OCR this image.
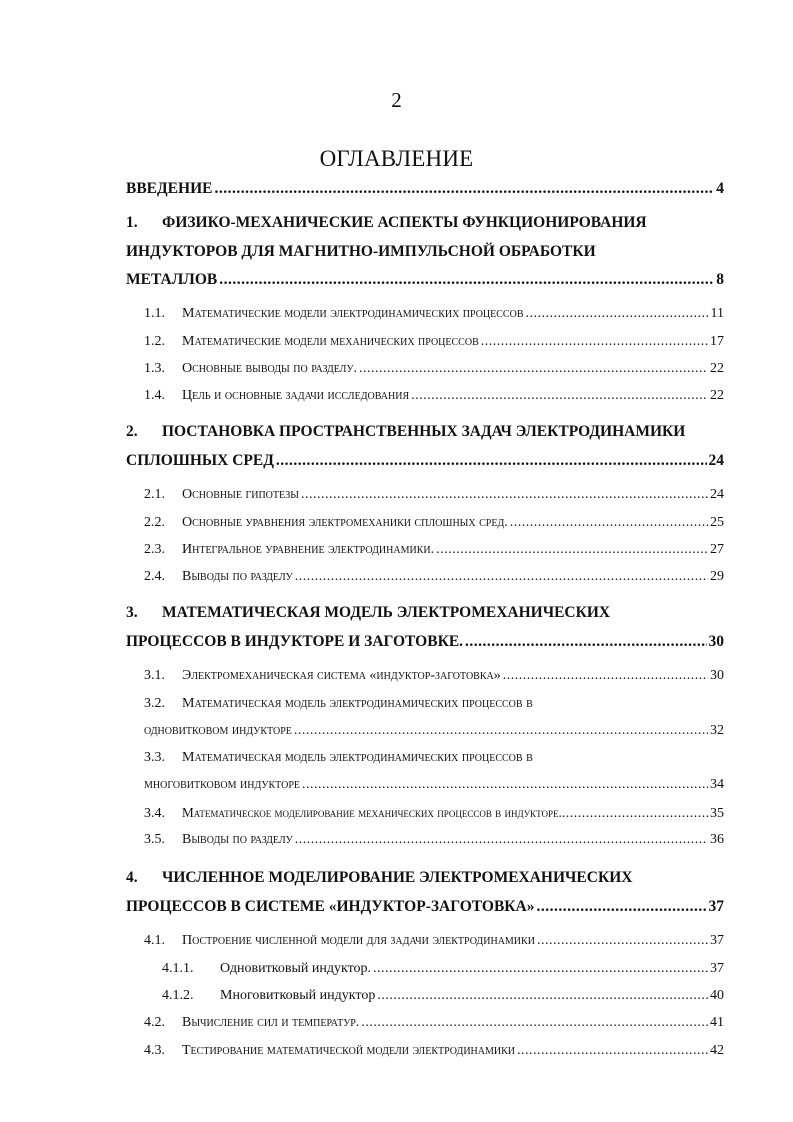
2
ОГЛАВЛЕНИЕ
ВВЕДЕНИЕ .....	4
1.	ФИЗИКО-МЕХАНИЧЕСКИЕ АСПЕКТЫ ФУНКЦИОНИРОВАНИЯ
ИНДУКТОРОВ ДЛЯ МАГНИТНО-ИМПУЛЬСНОЙ ОБРАБОТКИ
МЕТАЛЛОВ .....	8
1.1.	Математические модели электродинамических процессов .....	11
1.2.	Математические модели механических процессов .....	17
1.3.	Основные выводы по разделу. .....	22
1.4.	Цель и основные задачи исследования .....	22
2.	ПОСТАНОВКА ПРОСТРАНСТВЕННЫХ ЗАДАЧ ЭЛЕКТРОДИНАМИКИ
СПЛОШНЫХ СРЕД .....	24
2.1.	Основные гипотезы .....	24
2.2.	Основные уравнения электромеханики сплошных сред. .....	25
2.3.	Интегральное уравнение электродинамики. .....	27
2.4.	Выводы по разделу .....	29
3.	МАТЕМАТИЧЕСКАЯ МОДЕЛЬ ЭЛЕКТРОМЕХАНИЧЕСКИХ
ПРОЦЕССОВ В ИНДУКТОРЕ И ЗАГОТОВКЕ. .....	30
3.1.	Электромеханическая система «индуктор-заготовка» .....	30
3.2.	Математическая модель электродинамических процессов в
одновитковом индукторе .....	32
3.3.	Математическая модель электродинамических процессов в
многовитковом индукторе .....	34
3.4.	Математическое моделирование механических процессов в индукторе. .....	35
3.5.	Выводы по разделу .....	36
4.	ЧИСЛЕННОЕ МОДЕЛИРОВАНИЕ ЭЛЕКТРОМЕХАНИЧЕСКИХ
ПРОЦЕССОВ В СИСТЕМЕ «ИНДУКТОР-ЗАГОТОВКА» .....	37
4.1.	Построение численной модели для задачи электродинамики .....	37
4.1.1.	Одновитковый индуктор. .....	37
4.1.2.	Многовитковый индуктор .....	40
4.2.	Вычисление сил и температур. .....	41
4.3.	Тестирование математической модели электродинамики .....	42
